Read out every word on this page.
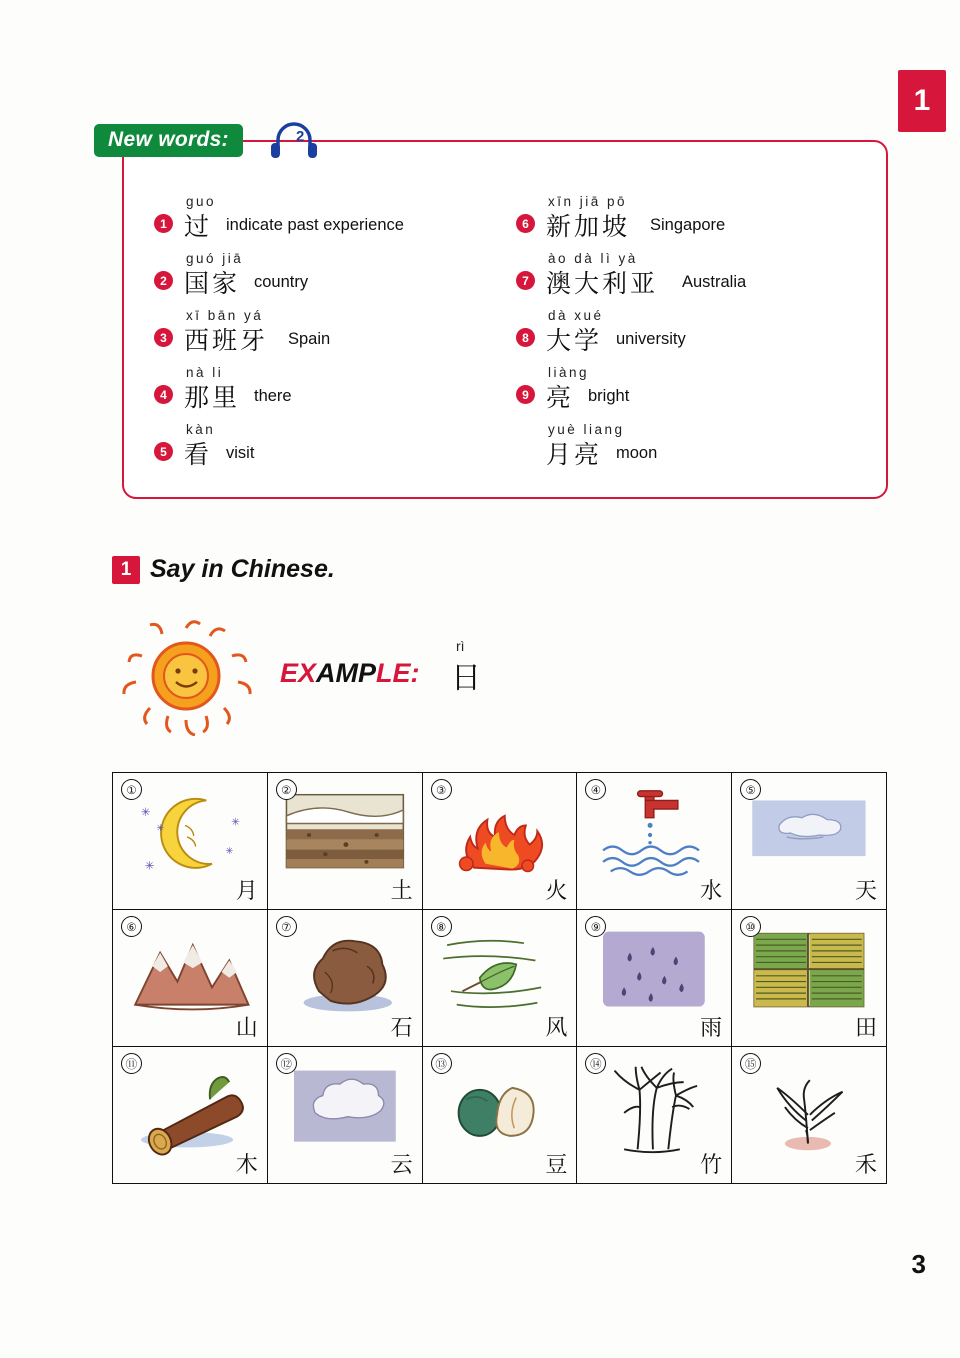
1
New words:	2
1
guo
过 indicate past experience
2
guó jiā
国家 country
3
xī bān yá
西班牙 Spain
4
nà li
那里 there
5
kàn
看 visit
6
xīn jiā pō
新加坡 Singapore
7
ào dà lì yà
澳大利亚 Australia
8
dà xué
大学 university
9
liàng
亮 bright
yuè liang
月亮 moon
1 Say in Chinese.
EXAMPLE:
rì
日
①
✳
✳
✳
✳
✳
月
②
土
③
火
④
水
⑤
天
⑥
山
⑦
石
⑧
风
⑨
雨
⑩
田
⑪
木
⑫
云
⑬
豆
⑭
竹
⑮
禾
3
